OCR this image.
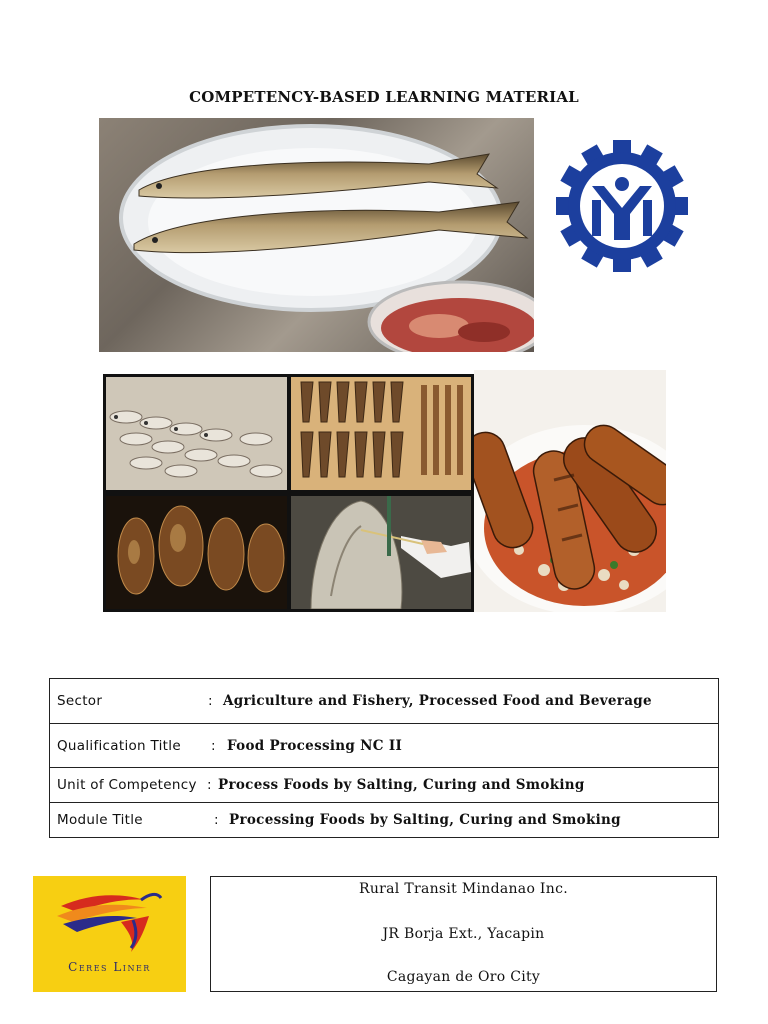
COMPETENCY-BASED LEARNING MATERIAL
Sector	: Agriculture and Fishery, Processed Food and Beverage
Qualification Title	: Food Processing NC II
Unit of Competency : Process Foods by Salting, Curing and Smoking
Module Title	: Processing Foods by Salting, Curing and Smoking
Ceres Liner
Rural Transit Mindanao Inc.
JR Borja Ext., Yacapin
Cagayan de Oro City
